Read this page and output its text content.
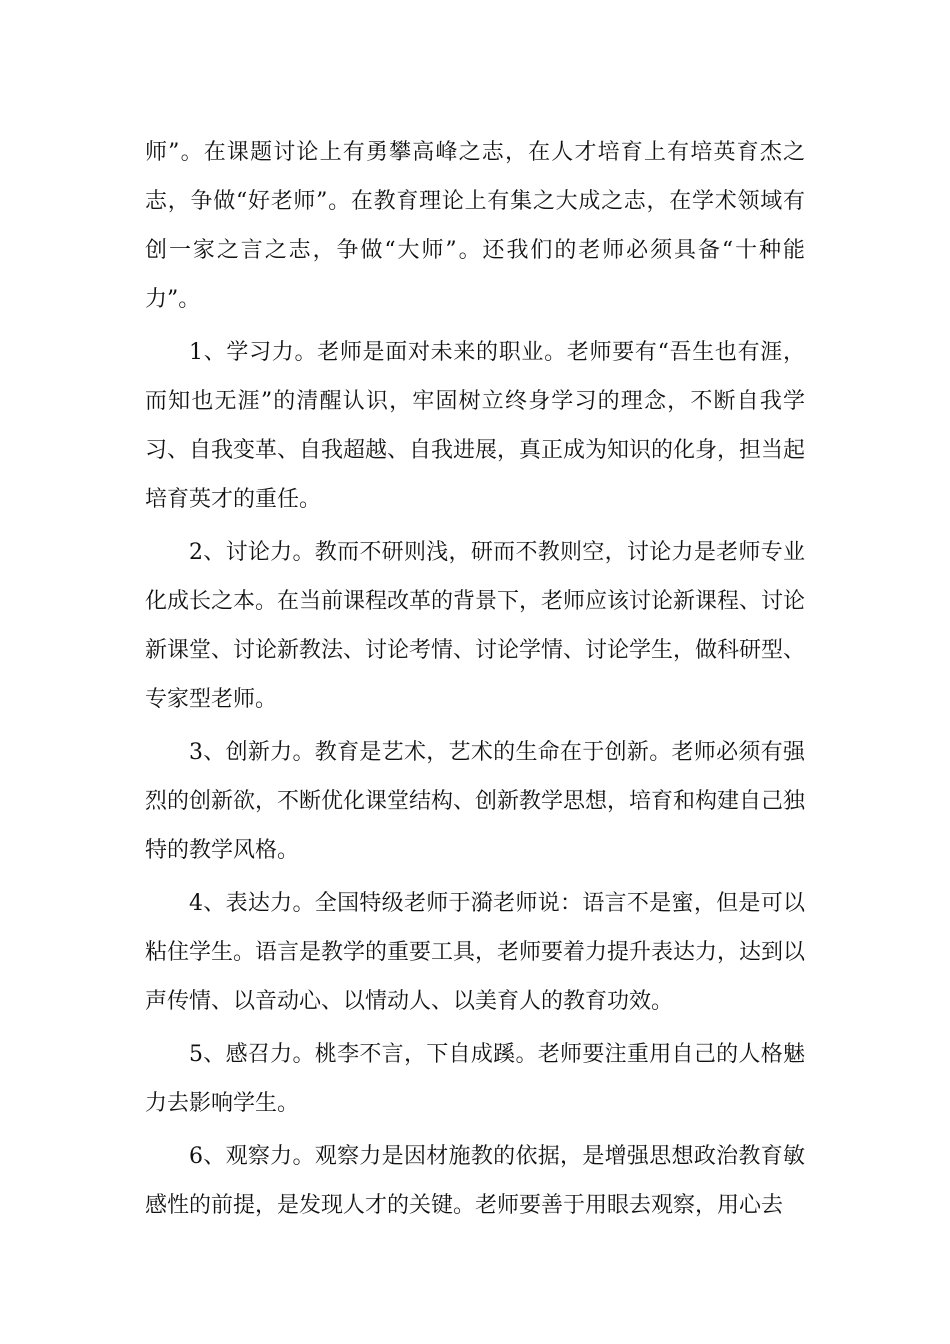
师”。在课题讨论上有勇攀高峰之志，在人才培育上有培英育杰之志，争做“好老师”。在教育理论上有集之大成之志，在学术领域有创一家之言之志，争做“大师”。还我们的老师必须具备“十种能力”。

1、学习力。老师是面对未来的职业。老师要有“吾生也有涯，而知也无涯”的清醒认识，牢固树立终身学习的理念，不断自我学习、自我变革、自我超越、自我进展，真正成为知识的化身，担当起培育英才的重任。

2、讨论力。教而不研则浅，研而不教则空，讨论力是老师专业化成长之本。在当前课程改革的背景下，老师应该讨论新课程、讨论新课堂、讨论新教法、讨论考情、讨论学情、讨论学生，做科研型、专家型老师。

3、创新力。教育是艺术，艺术的生命在于创新。老师必须有强烈的创新欲，不断优化课堂结构、创新教学思想，培育和构建自己独特的教学风格。

4、表达力。全国特级老师于漪老师说：语言不是蜜，但是可以粘住学生。语言是教学的重要工具，老师要着力提升表达力，达到以声传情、以音动心、以情动人、以美育人的教育功效。

5、感召力。桃李不言，下自成蹊。老师要注重用自己的人格魅力去影响学生。

6、观察力。观察力是因材施教的依据，是增强思想政治教育敏感性的前提，是发现人才的关键。老师要善于用眼去观察，用心去
